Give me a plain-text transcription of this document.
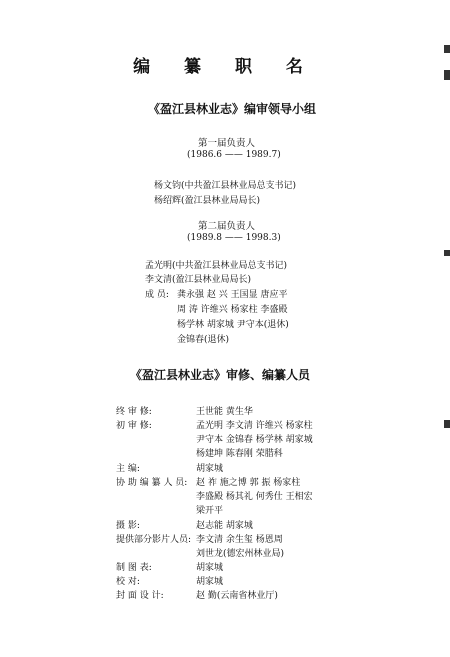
编 纂 职 名
《盈江县林业志》编审领导小组
第一届负责人
(1986.6 —— 1989.7)
杨文钧(中共盈江县林业局总支书记)
杨绍辉(盈江县林业局局长)
第二届负责人
(1989.8 —— 1998.3)
孟光明(中共盈江县林业局总支书记)
李文清(盈江县林业局局长)
成 员: 龚永强 赵 兴 王国显 唐应平
周 涛 许维兴 杨家柱 李盛殿
杨学林 胡家城 尹守本(退休)
金锦春(退休)
《盈江县林业志》审修、编纂人员
终 审 修:	王世能 黄生华
初 审 修:	孟光明 李文清 许维兴 杨家柱
尹守本 金锦春 杨学林 胡家城
杨建坤 陈春刚 荣腊科
主 编:	胡家城
协 助 编 纂 人 员: 赵 祚 施之博 郭 振 杨家柱
李盛殿 杨其礼 何秀仕 王相宏
梁开平
摄 影:	赵志能 胡家城
提供部分影片人员: 李文清 余生玺 杨恩周
刘世龙(德宏州林业局)
制 图 表:	胡家城
校 对:	胡家城
封 面 设 计:	赵 勤(云南省林业厅)
